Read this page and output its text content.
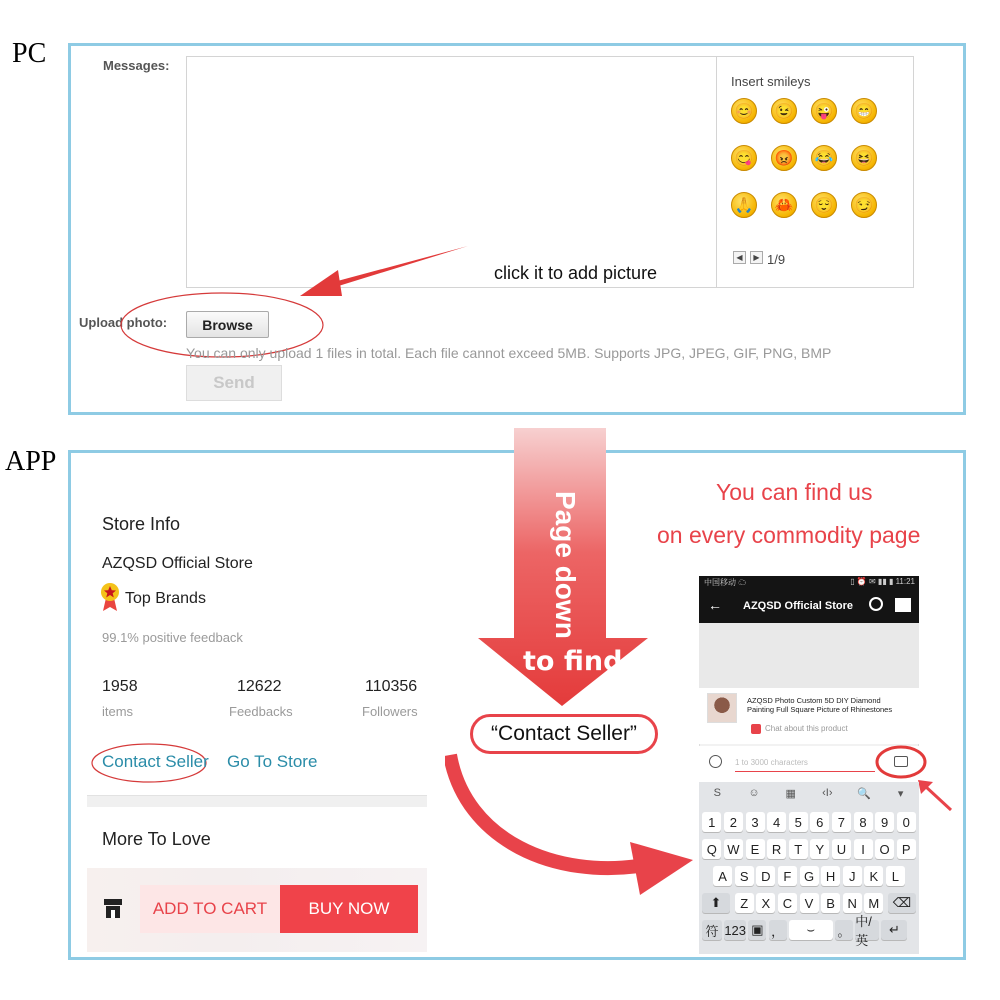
PC	Messages:
Insert smileys
😊 😉 😜 😁
😋 😡 😂 😆
🙏 🦀 😌 😏
◀	▶ 1/9
click it to add picture
Upload photo:	Browse
You can only upload 1 files in total. Each file cannot exceed 5MB. Supports JPG, JPEG, GIF, PNG, BMP
Send
APP
Store Info
AZQSD Official Store
Top Brands
99.1% positive feedback
1958
items
12622
Feedbacks
110356
Followers
Contact Seller Go To Store
More To Love
ADD TO CART	BUY NOW
Page down
to find
“Contact Seller”
You can find us
on every commodity page
中国移动 ☁	▯ ⏰ ✉ ▮▮ ▮ 11:21
← AZQSD Official Store
AZQSD Photo Custom 5D DIY Diamond
Painting Full Square Picture of Rhinestones
Chat about this product
1 to 3000 characters
S	☺	▦	‹I›	🔍	▾
1	2	3	4	5	6	7	8	9	0
Q W E R T	Y U	I	O P
A S D F G H	J	K	L
⬆	Z	X C V B N M	⌫
符 123 ▣ ，	⌣	。
中/英
↵
